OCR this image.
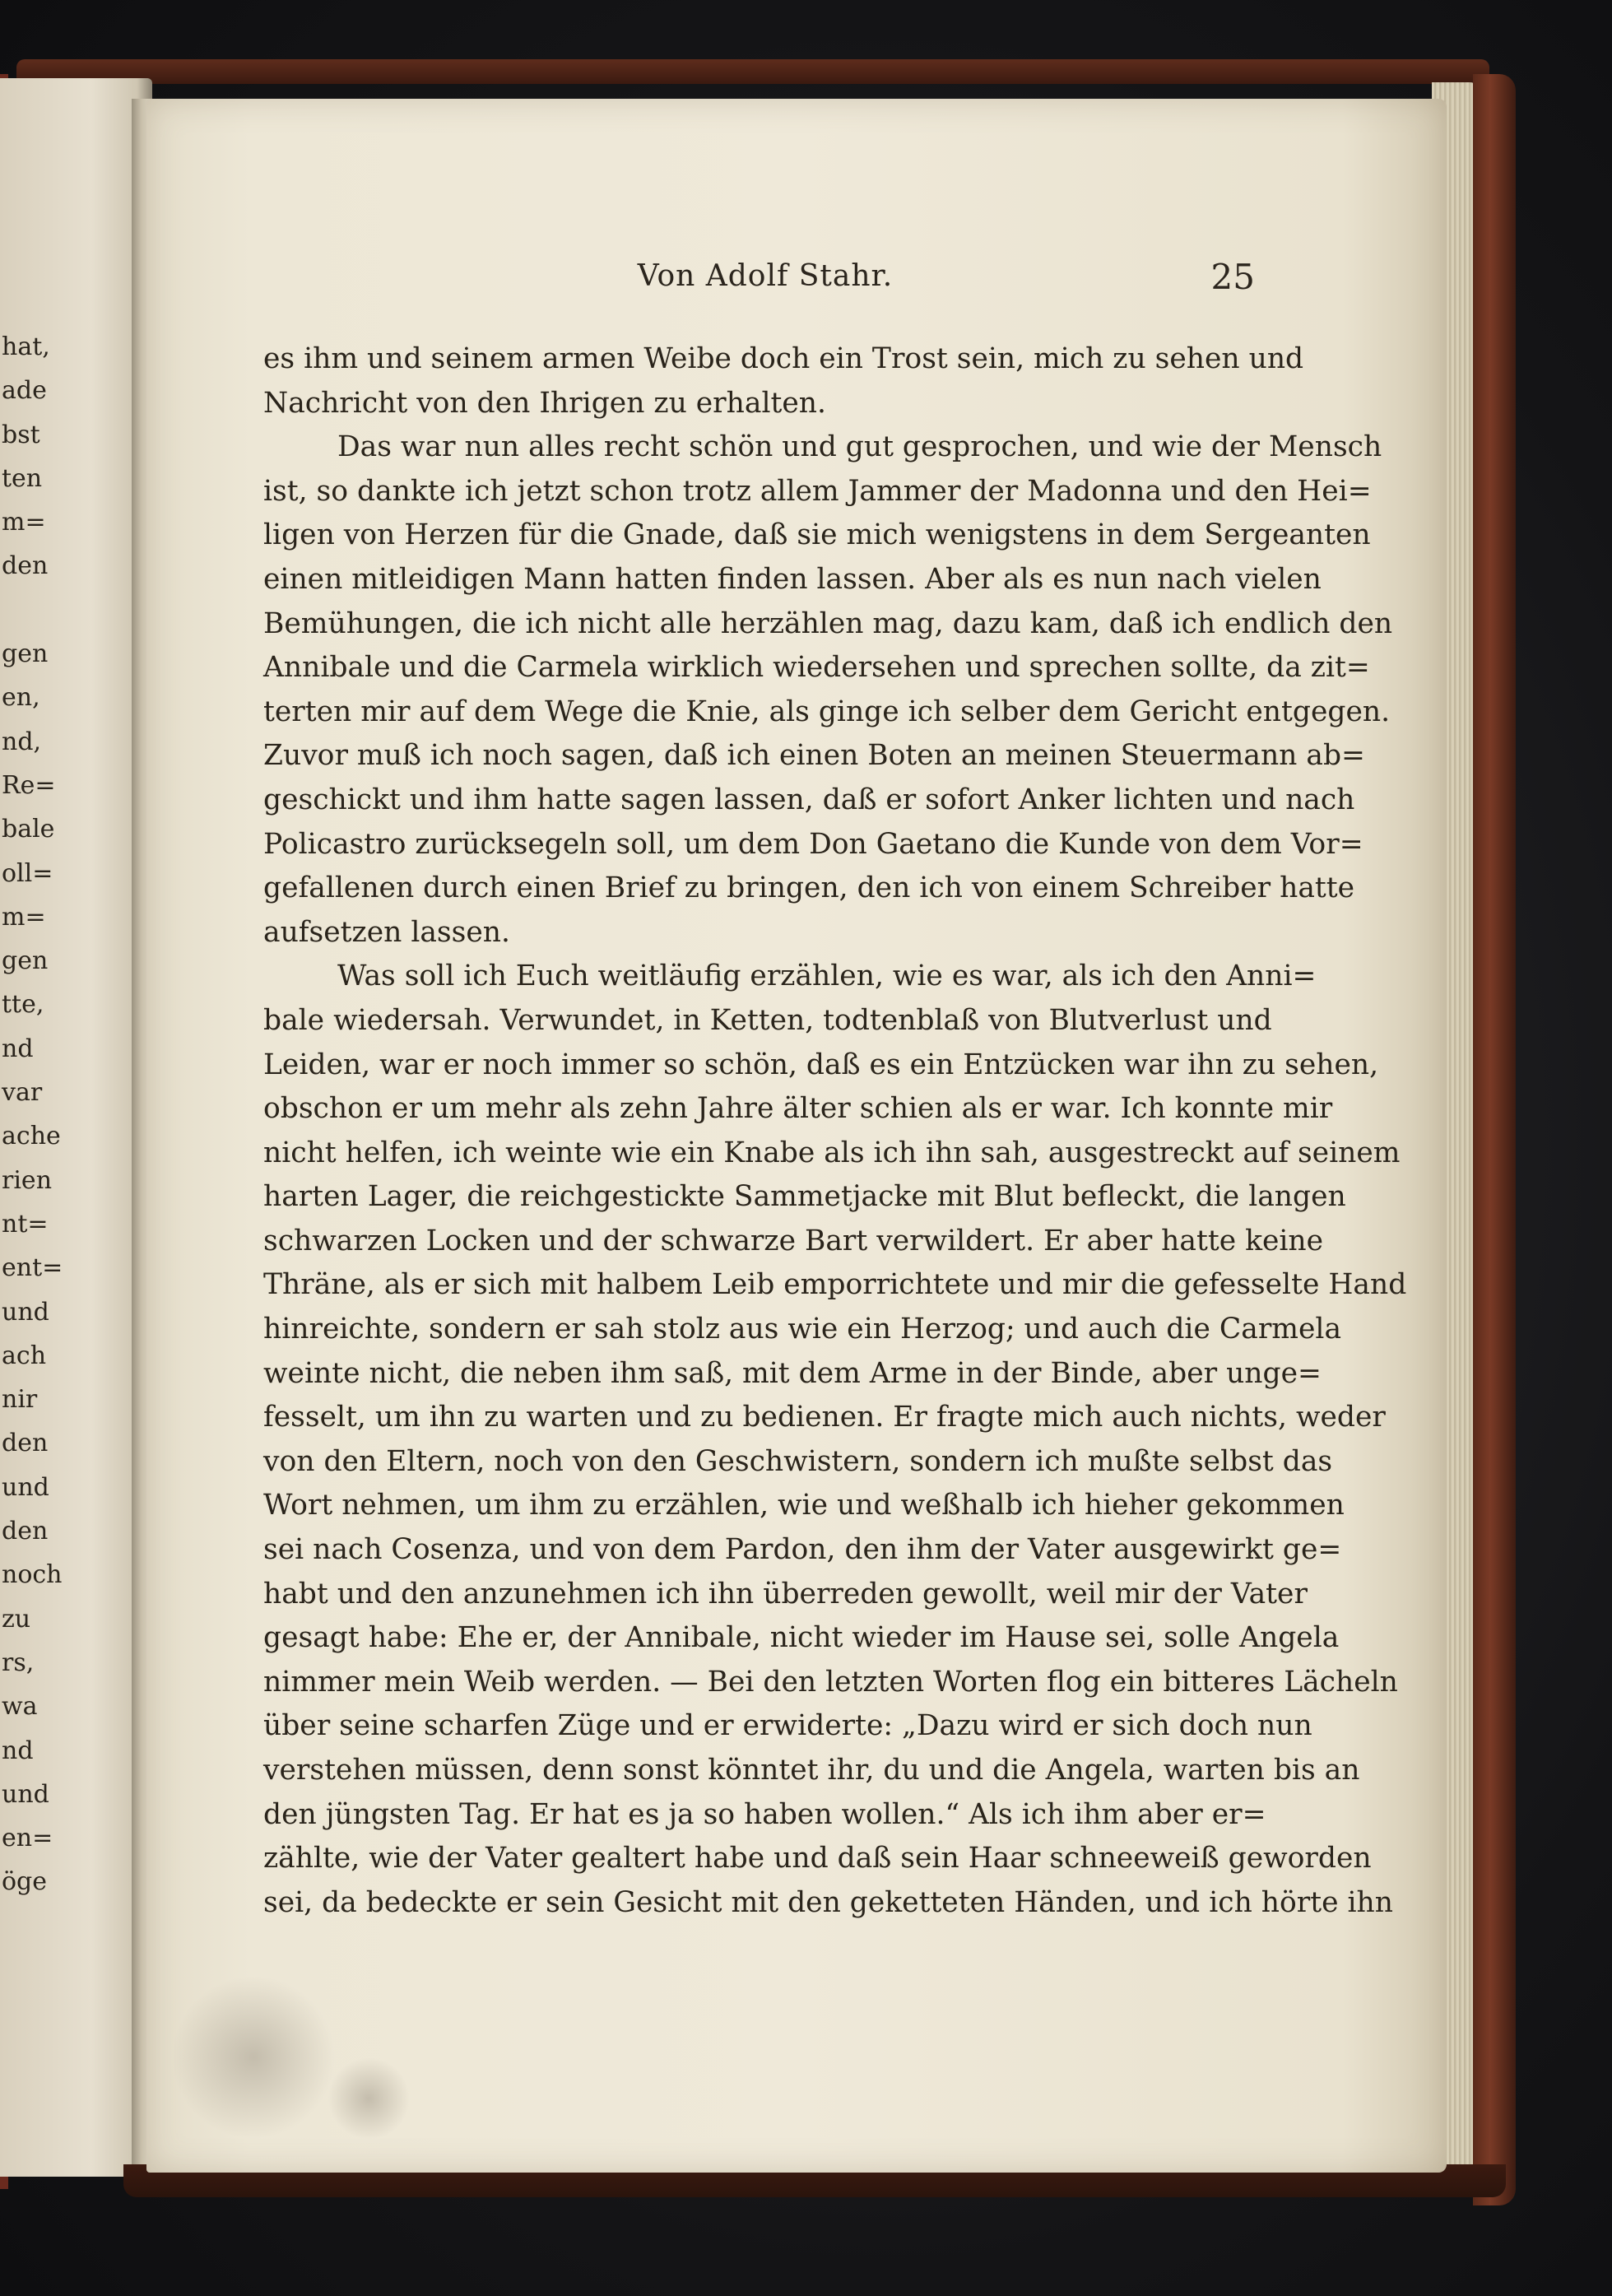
hat,
ade
bst
ten
m=
den
gen
en,
nd,
Re=
bale
oll=
m=
gen
tte,
nd
var
ache
rien
nt=
ent=
und
ach
nir
den
und
den
noch
zu
rs,
wa
nd
und
en=
öge
Von Adolf Stahr.	25
es ihm und seinem armen Weibe doch ein Trost sein, mich zu sehen und
Nachricht von den Ihrigen zu erhalten.
Das war nun alles recht schön und gut gesprochen, und wie der Mensch
ist, so dankte ich jetzt schon trotz allem Jammer der Madonna und den Hei=
ligen von Herzen für die Gnade, daß sie mich wenigstens in dem Sergeanten
einen mitleidigen Mann hatten finden lassen. Aber als es nun nach vielen
Bemühungen, die ich nicht alle herzählen mag, dazu kam, daß ich endlich den
Annibale und die Carmela wirklich wiedersehen und sprechen sollte, da zit=
terten mir auf dem Wege die Knie, als ginge ich selber dem Gericht entgegen.
Zuvor muß ich noch sagen, daß ich einen Boten an meinen Steuermann ab=
geschickt und ihm hatte sagen lassen, daß er sofort Anker lichten und nach
Policastro zurücksegeln soll, um dem Don Gaetano die Kunde von dem Vor=
gefallenen durch einen Brief zu bringen, den ich von einem Schreiber hatte
aufsetzen lassen.
Was soll ich Euch weitläufig erzählen, wie es war, als ich den Anni=
bale wiedersah. Verwundet, in Ketten, todtenblaß von Blutverlust und
Leiden, war er noch immer so schön, daß es ein Entzücken war ihn zu sehen,
obschon er um mehr als zehn Jahre älter schien als er war. Ich konnte mir
nicht helfen, ich weinte wie ein Knabe als ich ihn sah, ausgestreckt auf seinem
harten Lager, die reichgestickte Sammetjacke mit Blut befleckt, die langen
schwarzen Locken und der schwarze Bart verwildert. Er aber hatte keine
Thräne, als er sich mit halbem Leib emporrichtete und mir die gefesselte Hand
hinreichte, sondern er sah stolz aus wie ein Herzog; und auch die Carmela
weinte nicht, die neben ihm saß, mit dem Arme in der Binde, aber unge=
fesselt, um ihn zu warten und zu bedienen. Er fragte mich auch nichts, weder
von den Eltern, noch von den Geschwistern, sondern ich mußte selbst das
Wort nehmen, um ihm zu erzählen, wie und weßhalb ich hieher gekommen
sei nach Cosenza, und von dem Pardon, den ihm der Vater ausgewirkt ge=
habt und den anzunehmen ich ihn überreden gewollt, weil mir der Vater
gesagt habe: Ehe er, der Annibale, nicht wieder im Hause sei, solle Angela
nimmer mein Weib werden. — Bei den letzten Worten flog ein bitteres Lächeln
über seine scharfen Züge und er erwiderte: „Dazu wird er sich doch nun
verstehen müssen, denn sonst könntet ihr, du und die Angela, warten bis an
den jüngsten Tag. Er hat es ja so haben wollen.“ Als ich ihm aber er=
zählte, wie der Vater gealtert habe und daß sein Haar schneeweiß geworden
sei, da bedeckte er sein Gesicht mit den geketteten Händen, und ich hörte ihn
